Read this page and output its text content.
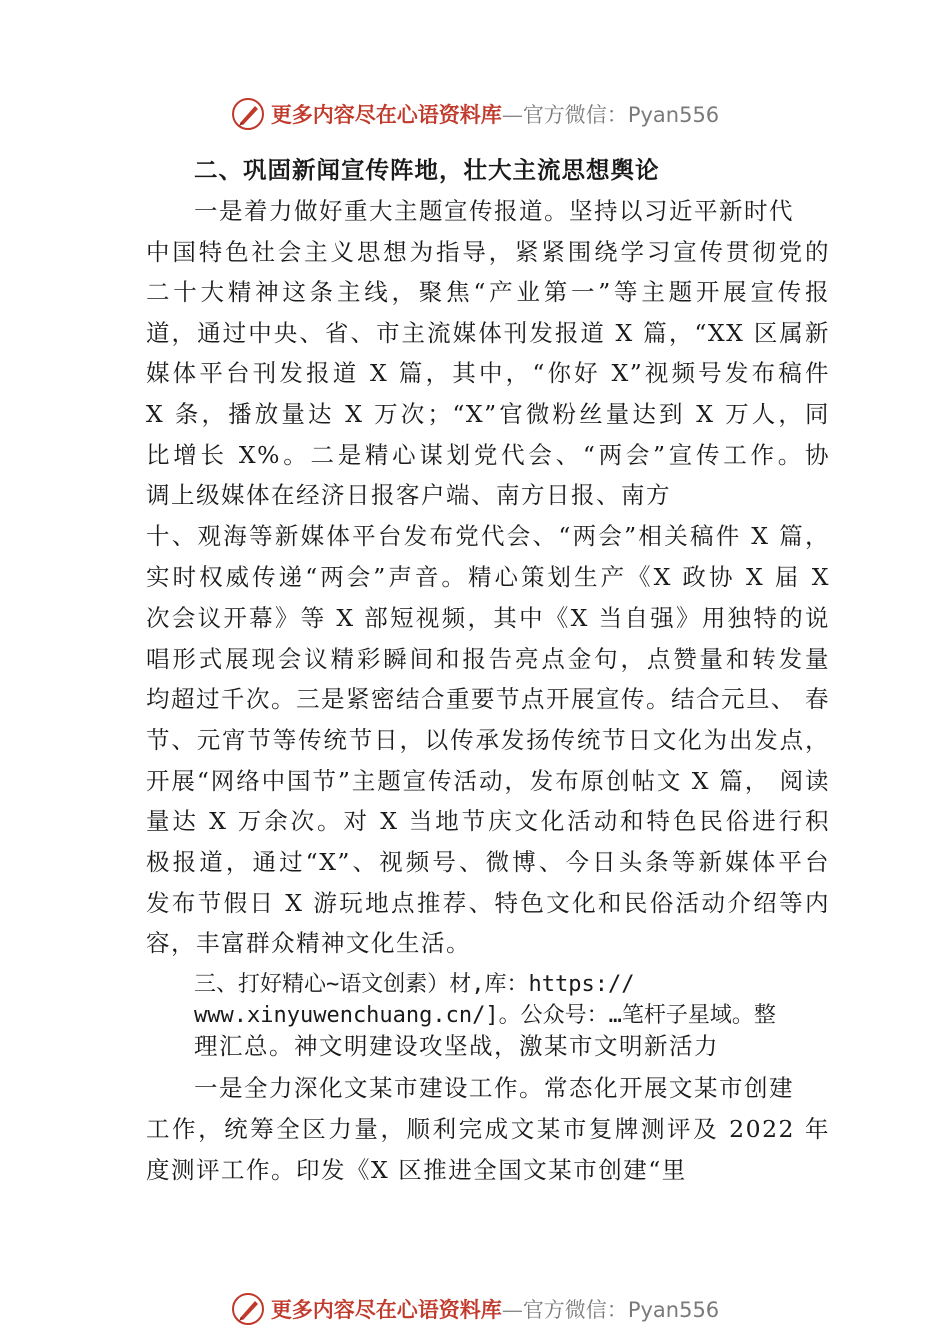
更多内容尽在心语资料库—官方微信：Pyan556
二、巩固新闻宣传阵地，壮大主流思想舆论
一是着力做好重大主题宣传报道。坚持以习近平新时代
中国特色社会主义思想为指导，紧紧围绕学习宣传贯彻党的
二十大精神这条主线，聚焦“产业第一”等主题开展宣传报
道，通过中央、省、市主流媒体刊发报道 X 篇，“XX 区属新
媒体平台刊发报道 X 篇，其中，“你好 X”视频号发布稿件
X 条，播放量达 X 万次；“X”官微粉丝量达到 X 万人，同
比增长 X%。二是精心谋划党代会、“两会”宣传工作。协
调上级媒体在经济日报客户端、南方日报、南方
十、观海等新媒体平台发布党代会、“两会”相关稿件 X 篇，
实时权威传递“两会”声音。精心策划生产《X 政协 X 届 X
次会议开幕》等 X 部短视频，其中《X 当自强》用独特的说
唱形式展现会议精彩瞬间和报告亮点金句，点赞量和转发量
均超过千次。三是紧密结合重要节点开展宣传。结合元旦、 春
节、元宵节等传统节日，以传承发扬传统节日文化为出发点，
开展“网络中国节”主题宣传活动，发布原创帖文 X 篇， 阅读
量达 X 万余次。对 X 当地节庆文化活动和特色民俗进行积
极报道，通过“X”、视频号、微博、今日头条等新媒体平台
发布节假日 X 游玩地点推荐、特色文化和民俗活动介绍等内
容，丰富群众精神文化生活。
三、打好精心~语文创素）材,库：https://
www.xinyuwenchuang.cn/]。公众号：…笔杆子星域。整
理汇总。神文明建设攻坚战，激某市文明新活力
一是全力深化文某市建设工作。常态化开展文某市创建
工作，统筹全区力量，顺利完成文某市复牌测评及 2022 年
度测评工作。印发《X 区推进全国文某市创建“里
更多内容尽在心语资料库—官方微信：Pyan556
